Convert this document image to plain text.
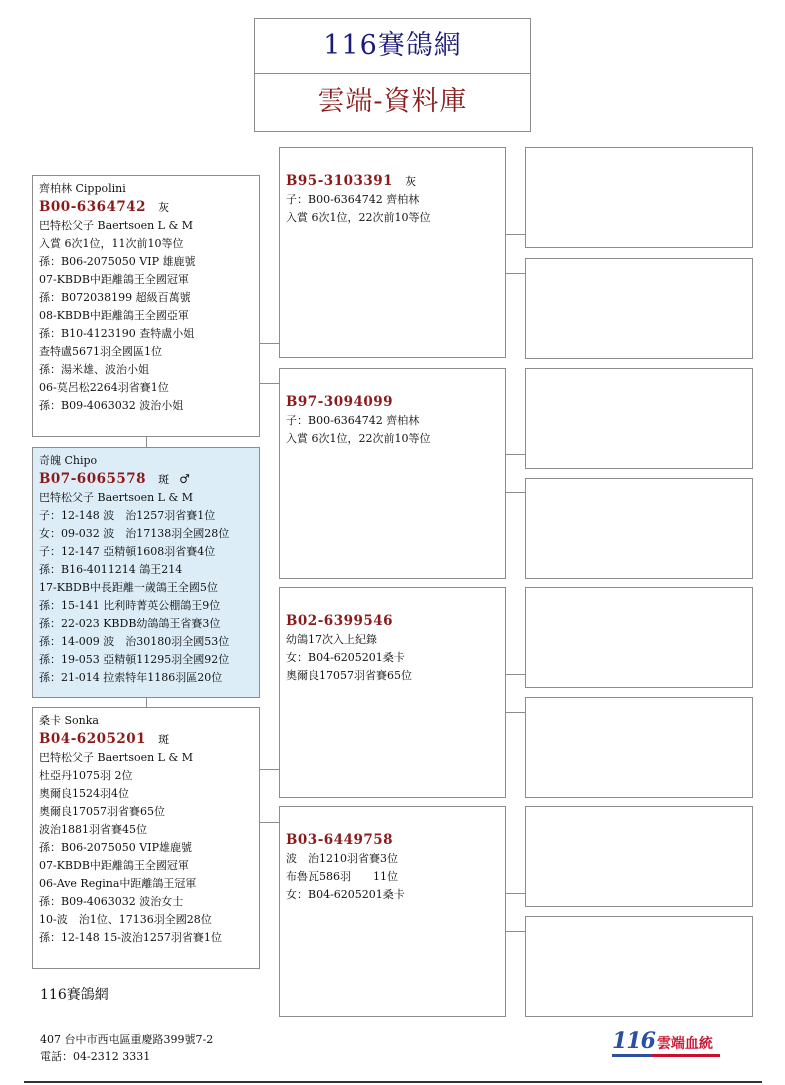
116賽鴿網
雲端-資料庫
齊柏林 Cippolini
B00-6364742 灰
巴特松父子 Baertsoen L & M
入賞 6次1位，11次前10等位
孫：B06-2075050 VIP 雄鹿號
07-KBDB中距離鴿王全國冠軍
孫：B072038199 超級百萬號
08-KBDB中距離鴿王全國亞軍
孫：B10-4123190 查特盧小姐
查特盧5671羽全國區1位
孫：湯米雄、波治小姐
06-莫呂松2264羽省賽1位
孫：B09-4063032 波治小姐
奇魄 Chipo
B07-6065578 斑 ♂
巴特松父子 Baertsoen L & M
子：12-148 波　治1257羽省賽1位
女：09-032 波　治17138羽全國28位
子：12-147 亞精頓1608羽省賽4位
孫：B16-4011214 鴿王214
17-KBDB中長距離一歲鴿王全國5位
孫：15-141 比利時菁英公棚鴿王9位
孫：22-023 KBDB幼鴿鴿王省賽3位
孫：14-009 波　治30180羽全國53位
孫：19-053 亞精頓11295羽全國92位
孫：21-014 拉索特年1186羽區20位
桑卡 Sonka
B04-6205201 斑
巴特松父子 Baertsoen L & M
杜亞丹1075羽 2位
奧爾良1524羽4位
奧爾良17057羽省賽65位
波治1881羽省賽45位
孫：B06-2075050 VIP雄鹿號
07-KBDB中距離鴿王全國冠軍
06-Ave Regina中距離鴿王冠軍
孫：B09-4063032 波治女士
10-波　治1位、17136羽全國28位
孫：12-148 15-波治1257羽省賽1位
B95-3103391 灰
子：B00-6364742 齊柏林
入賞 6次1位，22次前10等位
B97-3094099
子：B00-6364742 齊柏林
入賞 6次1位，22次前10等位
B02-6399546
幼鴿17次入上紀錄
女：B04-6205201桑卡
奧爾良17057羽省賽65位
B03-6449758
波　治1210羽省賽3位
布魯瓦586羽　　11位
女：B04-6205201桑卡
116賽鴿網
407 台中市西屯區重慶路399號7-2
電話：04-2312 3331
116 雲端血統
